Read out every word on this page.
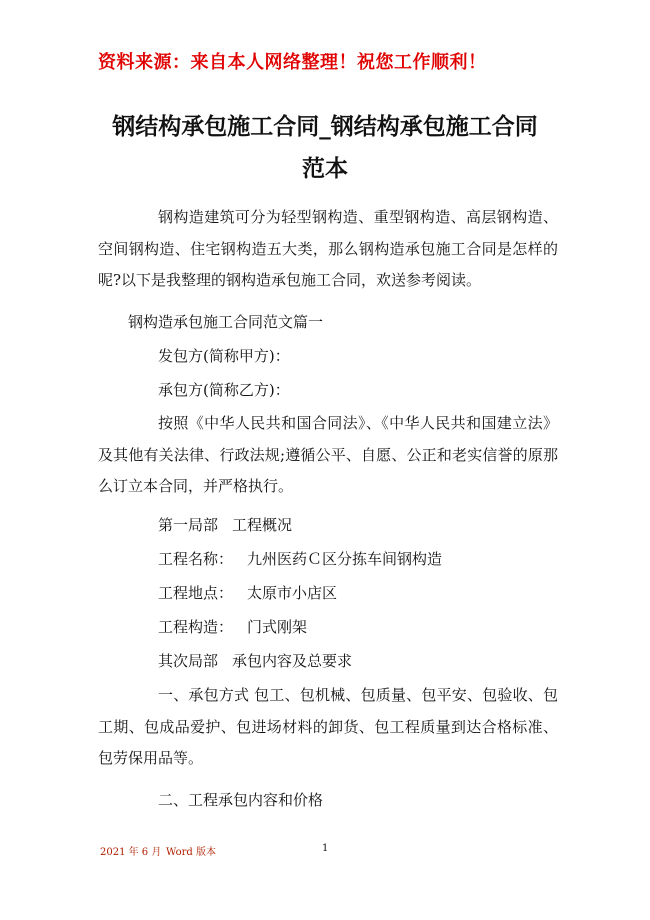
资料来源：来自本人网络整理！祝您工作顺利！
钢结构承包施工合同_钢结构承包施工合同
范本
钢构造建筑可分为轻型钢构造、重型钢构造、高层钢构造、空间钢构造、住宅钢构造五大类，那么钢构造承包施工合同是怎样的呢?以下是我整理的钢构造承包施工合同，欢送参考阅读。
钢构造承包施工合同范文篇一
发包方(简称甲方)：
承包方(简称乙方)：
按照《中华人民共和国合同法》、《中华人民共和国建立法》及其他有关法律、行政法规;遵循公平、自愿、公正和老实信誉的原那么订立本合同，并严格执行。
第一局部 工程概况
工程名称： 九州医药Ｃ区分拣车间钢构造
工程地点： 太原市小店区
工程构造： 门式刚架
其次局部 承包内容及总要求
一、承包方式 包工、包机械、包质量、包平安、包验收、包工期、包成品爱护、包进场材料的卸货、包工程质量到达合格标准、包劳保用品等。
二、工程承包内容和价格
2021 年 6 月 Word 版本	1
